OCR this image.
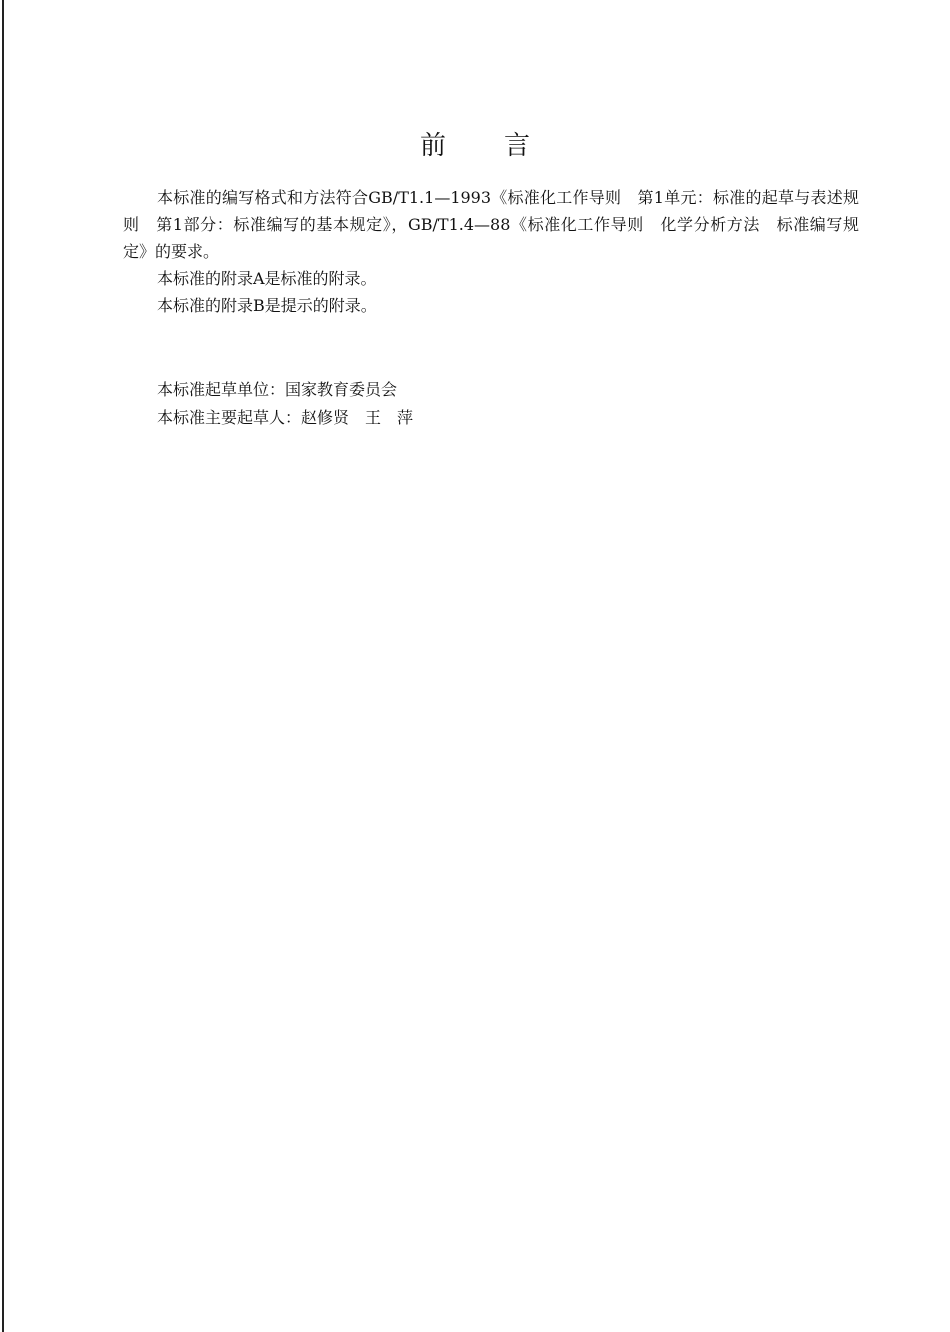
前言

本标准的编写格式和方法符合GB/T1.1—1993《标准化工作导则　第1单元：标准的起草与表述规则　第1部分：标准编写的基本规定》，GB/T1.4—88《标准化工作导则　化学分析方法　标准编写规定》的要求。

本标准的附录A是标准的附录。

本标准的附录B是提示的附录。

本标准起草单位：国家教育委员会

本标准主要起草人：赵修贤　王　萍
